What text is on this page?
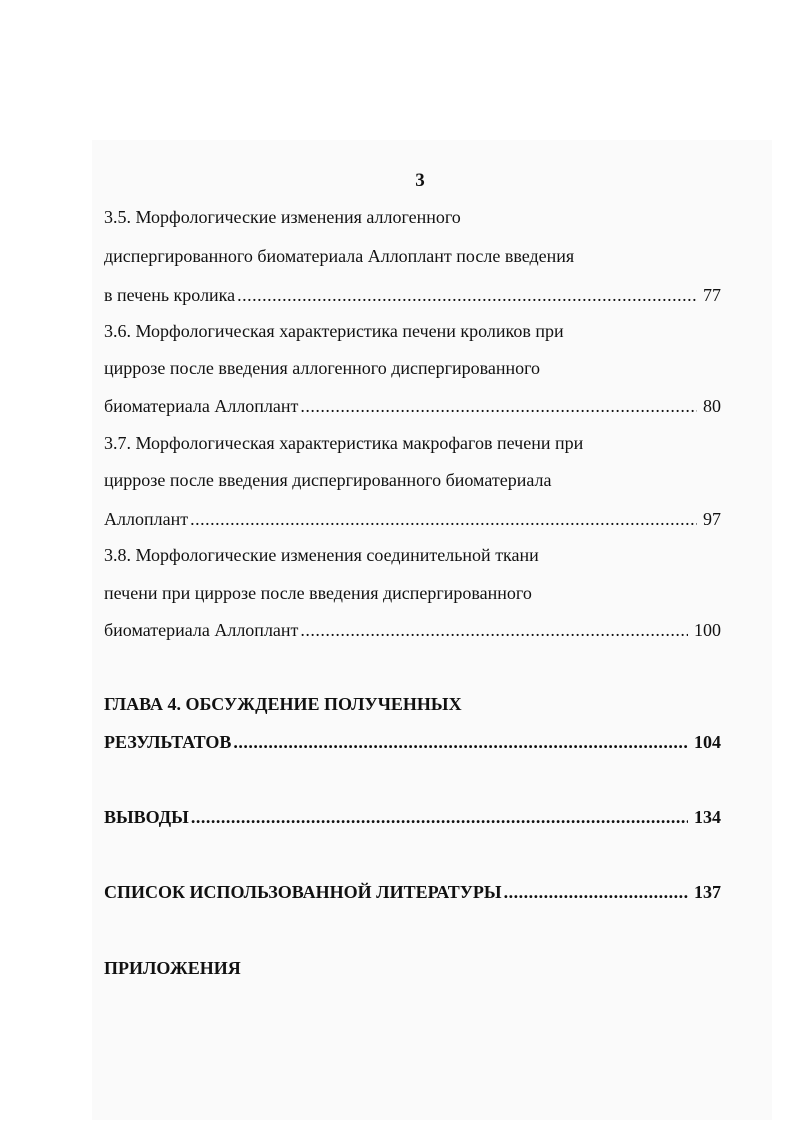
3
3.5. Морфологические изменения аллогенного
диспергированного биоматериала Аллоплант после введения
в печень кролика .....	77
3.6. Морфологическая характеристика печени кроликов при
циррозе после введения аллогенного диспергированного
биоматериала Аллоплант .....	80
3.7. Морфологическая характеристика макрофагов печени при
циррозе после введения диспергированного биоматериала
Аллоплант .....	97
3.8. Морфологические изменения соединительной ткани
печени при циррозе после введения диспергированного
биоматериала Аллоплант .....	100
ГЛАВА 4. ОБСУЖДЕНИЕ ПОЛУЧЕННЫХ
РЕЗУЛЬТАТОВ .....	104
ВЫВОДЫ .....	134
СПИСОК ИСПОЛЬЗОВАННОЙ ЛИТЕРАТУРЫ .....	137
ПРИЛОЖЕНИЯ
